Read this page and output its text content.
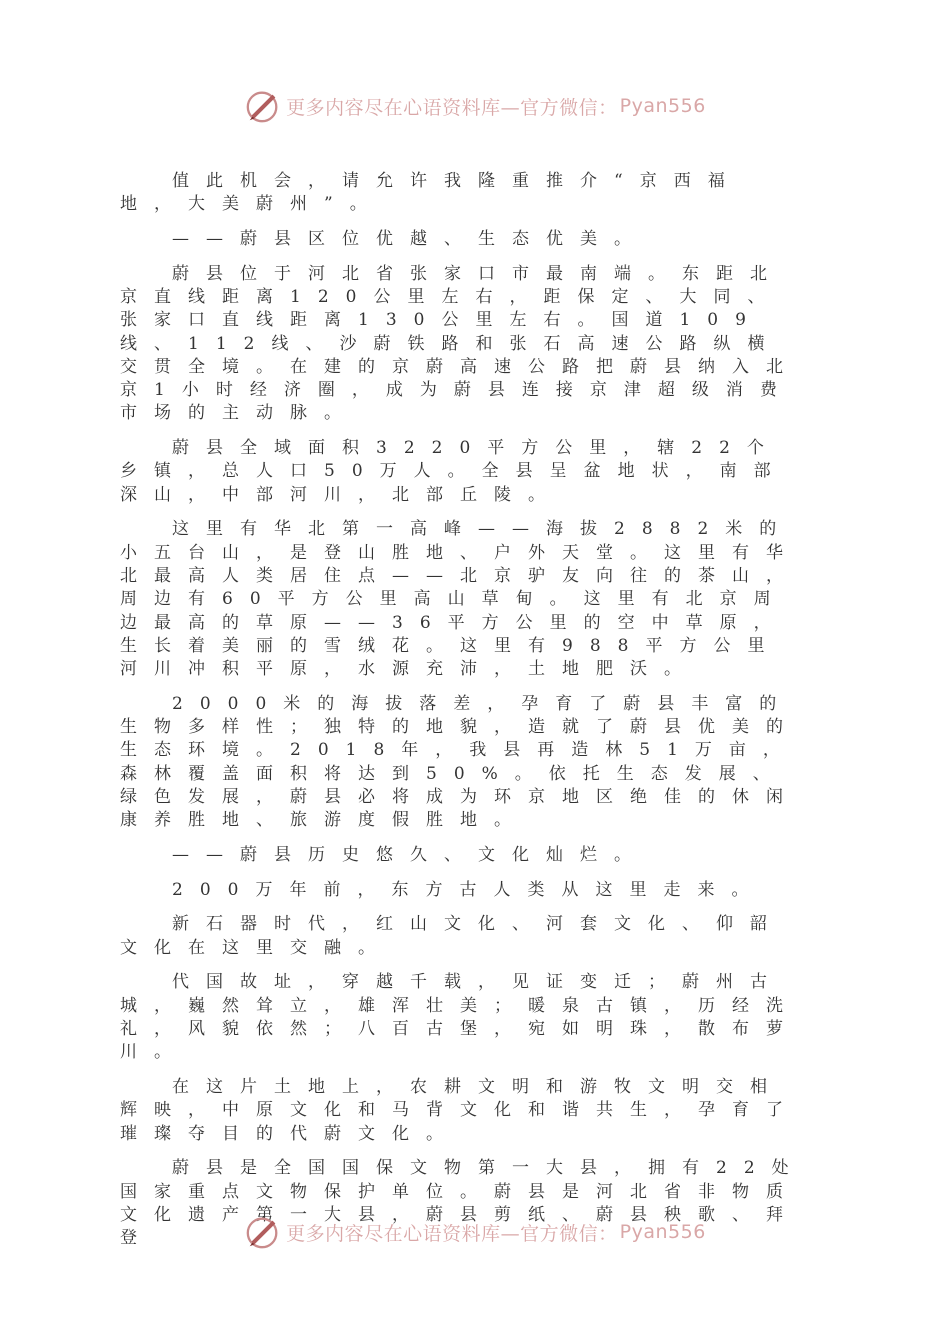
更多内容尽在心语资料库—官方微信： Pyan556

值此机会，请允许我隆重推介“京西福地，大美蔚州”。

——蔚县区位优越、生态优美。

蔚县位于河北省张家口市最南端。东距北京直线距离120公里左右，距保定、大同、张家口直线距离130公里左右。国道109线、112线、沙蔚铁路和张石高速公路纵横交贯全境。在建的京蔚高速公路把蔚县纳入北京1小时经济圈，成为蔚县连接京津超级消费市场的主动脉。

蔚县全域面积3220平方公里，辖22个乡镇，总人口50万人。全县呈盆地状，南部深山，中部河川，北部丘陵。

这里有华北第一高峰——海拔2882米的小五台山，是登山胜地、户外天堂。这里有华北最高人类居住点——北京驴友向往的茶山，周边有60平方公里高山草甸。这里有北京周边最高的草原——36平方公里的空中草原，生长着美丽的雪绒花。这里有988平方公里河川冲积平原，水源充沛，土地肥沃。

2000米的海拔落差，孕育了蔚县丰富的生物多样性；独特的地貌，造就了蔚县优美的生态环境。2018年，我县再造林51万亩，森林覆盖面积将达到50%。依托生态发展、绿色发展，蔚县必将成为环京地区绝佳的休闲康养胜地、旅游度假胜地。

——蔚县历史悠久、文化灿烂。

200万年前，东方古人类从这里走来。

新石器时代，红山文化、河套文化、仰韶文化在这里交融。

代国故址，穿越千载，见证变迁；蔚州古城，巍然耸立，雄浑壮美；暖泉古镇，历经洗礼，风貌依然；八百古堡，宛如明珠，散布萝川。

在这片土地上，农耕文明和游牧文明交相辉映，中原文化和马背文化和谐共生，孕育了璀璨夺目的代蔚文化。

蔚县是全国国保文物第一大县，拥有22处国家重点文物保护单位。蔚县是河北省非物质文化遗产第一大县，蔚县剪纸、蔚县秧歌、拜登	更多内容尽在心语资料库—官方微信： Pyan556
